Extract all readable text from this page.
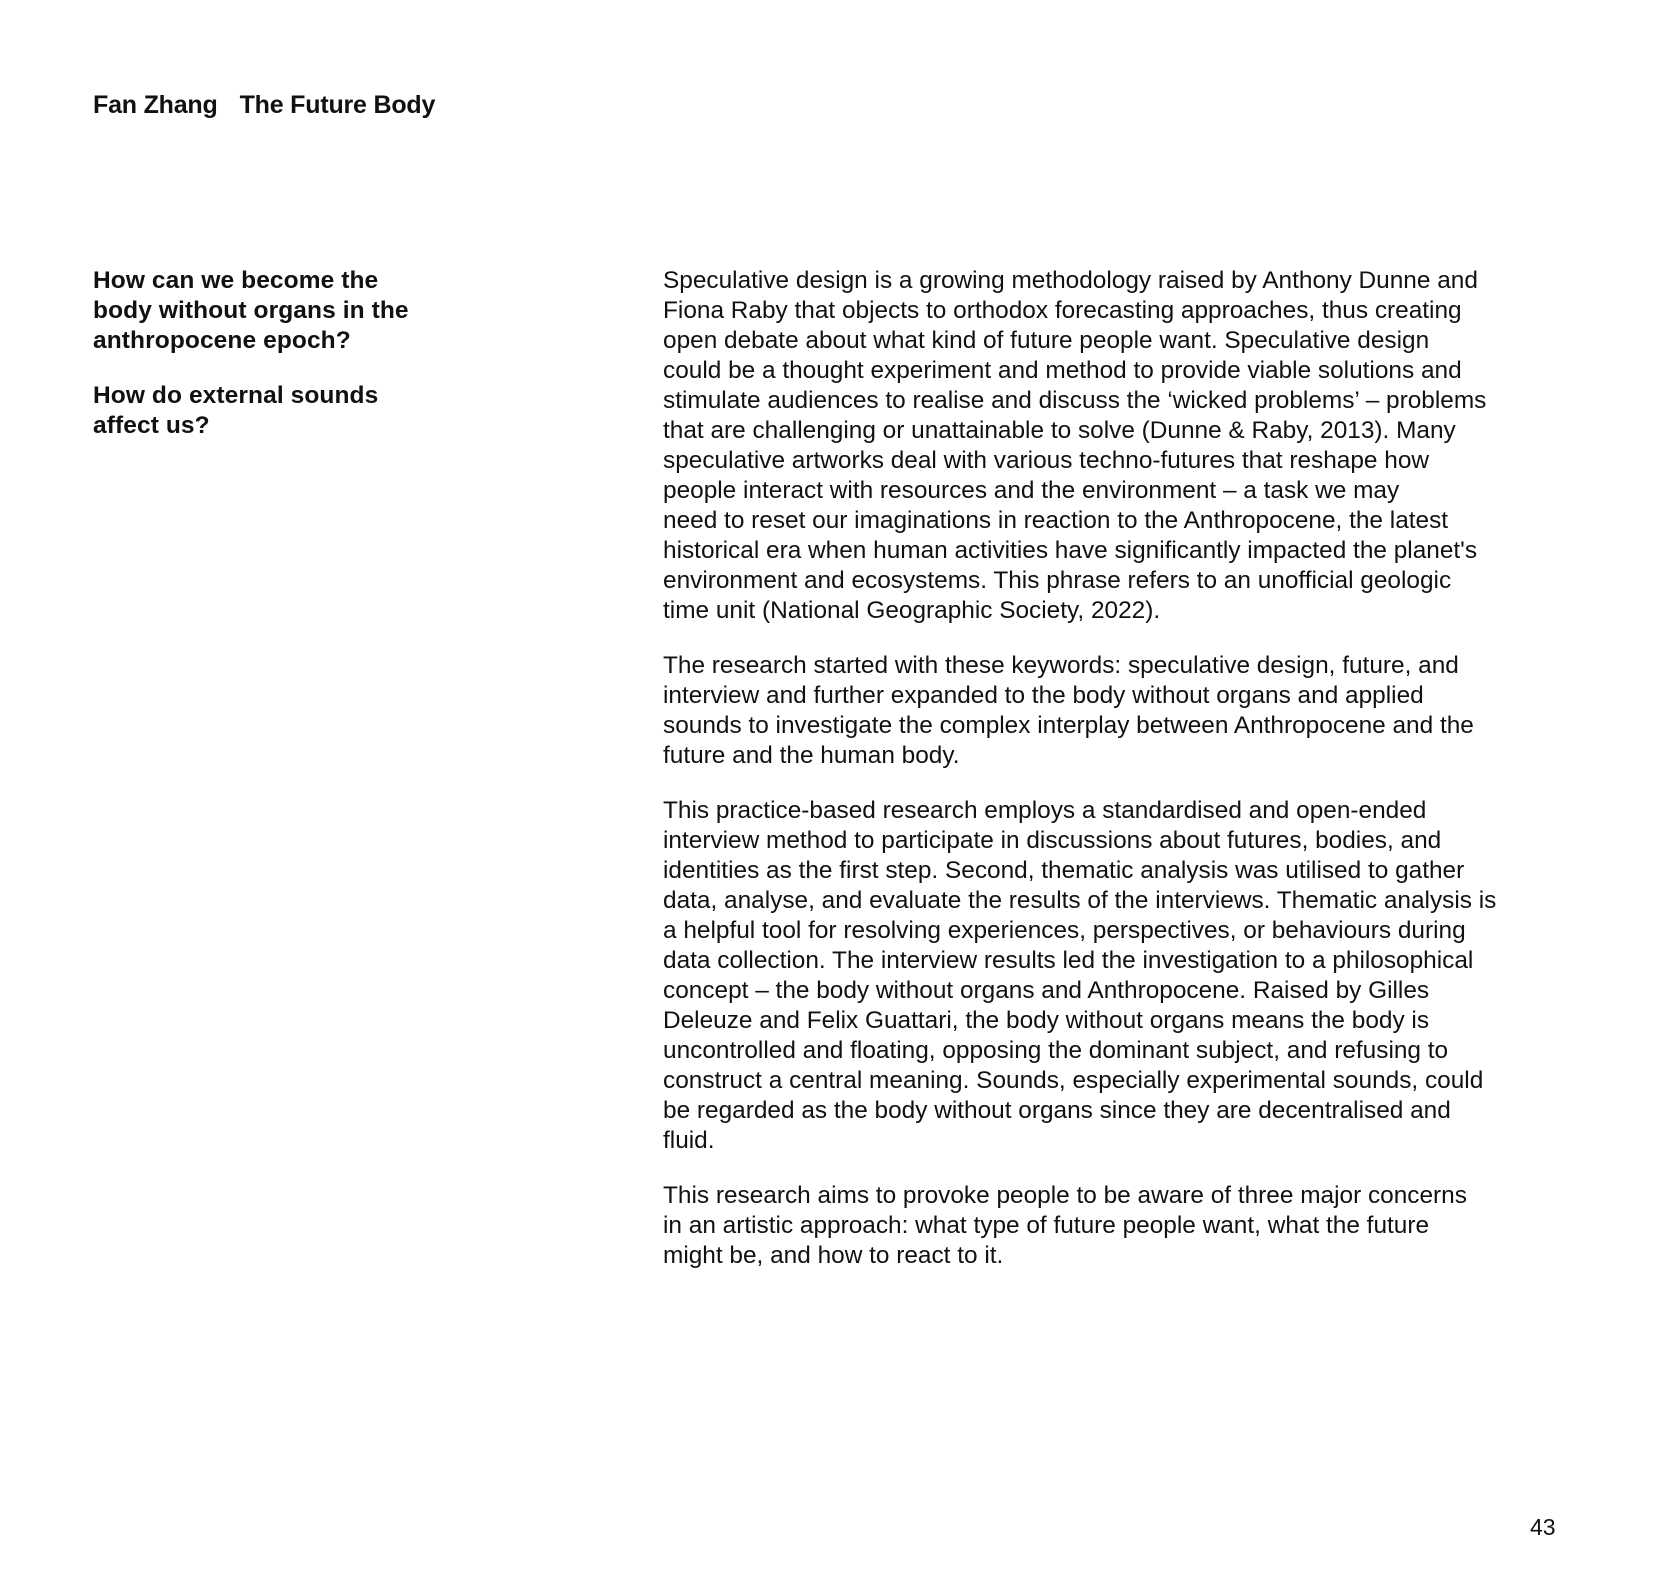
Fan Zhang The Future Body

How can we become the
body without organs in the
anthropocene epoch?

How do external sounds
affect us?

Speculative design is a growing methodology raised by Anthony Dunne and
Fiona Raby that objects to orthodox forecasting approaches, thus creating
open debate about what kind of future people want. Speculative design
could be a thought experiment and method to provide viable solutions and
stimulate audiences to realise and discuss the ‘wicked problems’ – problems
that are challenging or unattainable to solve (Dunne & Raby, 2013). Many
speculative artworks deal with various techno-futures that reshape how
people interact with resources and the environment – a task we may
need to reset our imaginations in reaction to the Anthropocene, the latest
historical era when human activities have significantly impacted the planet's
environment and ecosystems. This phrase refers to an unofficial geologic
time unit (National Geographic Society, 2022).

The research started with these keywords: speculative design, future, and
interview and further expanded to the body without organs and applied
sounds to investigate the complex interplay between Anthropocene and the
future and the human body.

This practice-based research employs a standardised and open-ended
interview method to participate in discussions about futures, bodies, and
identities as the first step. Second, thematic analysis was utilised to gather
data, analyse, and evaluate the results of the interviews. Thematic analysis is
a helpful tool for resolving experiences, perspectives, or behaviours during
data collection. The interview results led the investigation to a philosophical
concept – the body without organs and Anthropocene. Raised by Gilles
Deleuze and Felix Guattari, the body without organs means the body is
uncontrolled and floating, opposing the dominant subject, and refusing to
construct a central meaning. Sounds, especially experimental sounds, could
be regarded as the body without organs since they are decentralised and
fluid.

This research aims to provoke people to be aware of three major concerns
in an artistic approach: what type of future people want, what the future
might be, and how to react to it.

43
